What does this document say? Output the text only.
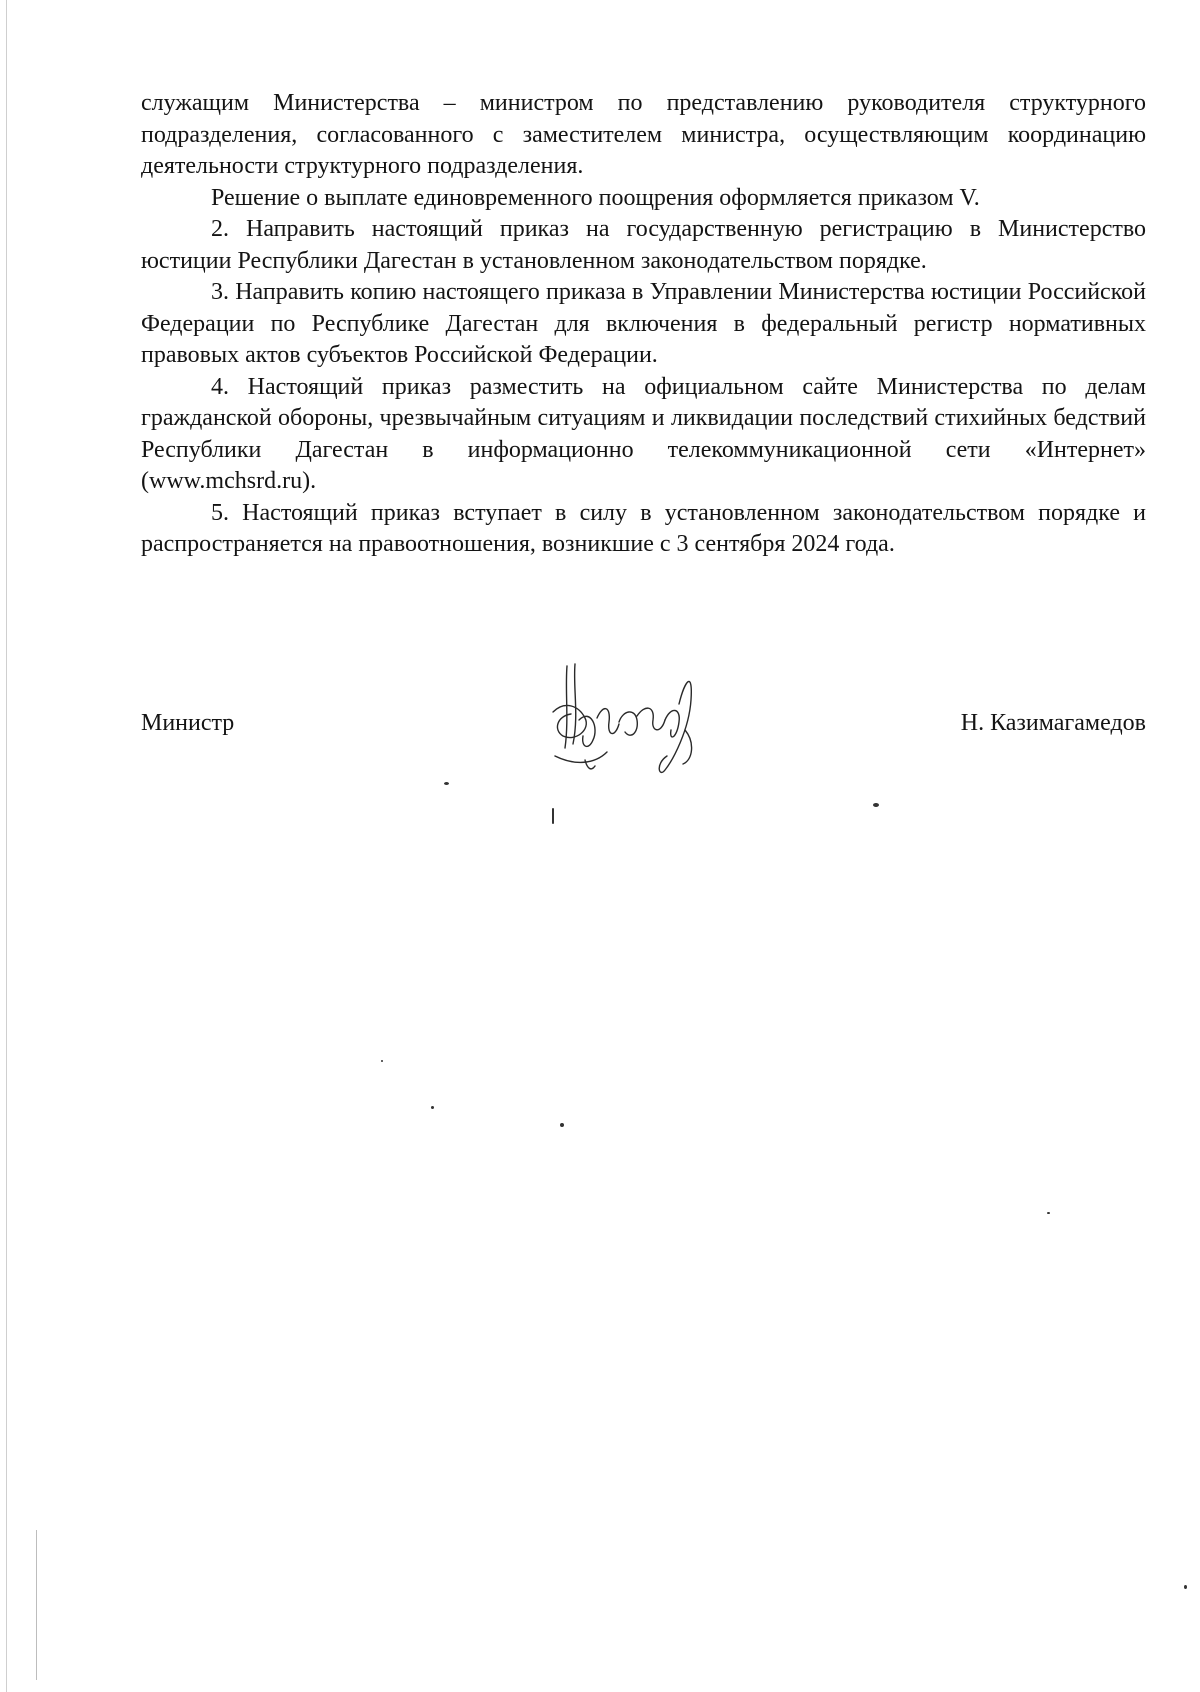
служащим Министерства – министром по представлению руководителя структурного подразделения, согласованного с заместителем министра, осуществляющим координацию деятельности структурного подразделения.

Решение о выплате единовременного поощрения оформляется приказом V.

2. Направить настоящий приказ на государственную регистрацию в Министерство юстиции Республики Дагестан в установленном законодательством порядке.

3. Направить копию настоящего приказа в Управлении Министерства юстиции Российской Федерации по Республике Дагестан для включения в федеральный регистр нормативных правовых актов субъектов Российской Федерации.

4. Настоящий приказ разместить на официальном сайте Министерства по делам гражданской обороны, чрезвычайным ситуациям и ликвидации последствий стихийных бедствий Республики Дагестан в информационно телекоммуникационной сети «Интернет» (www.mchsrd.ru).

5. Настоящий приказ вступает в силу в установленном законодательством порядке и распространяется на правоотношения, возникшие с 3 сентября 2024 года.

Министр	Н. Казимагамедов
